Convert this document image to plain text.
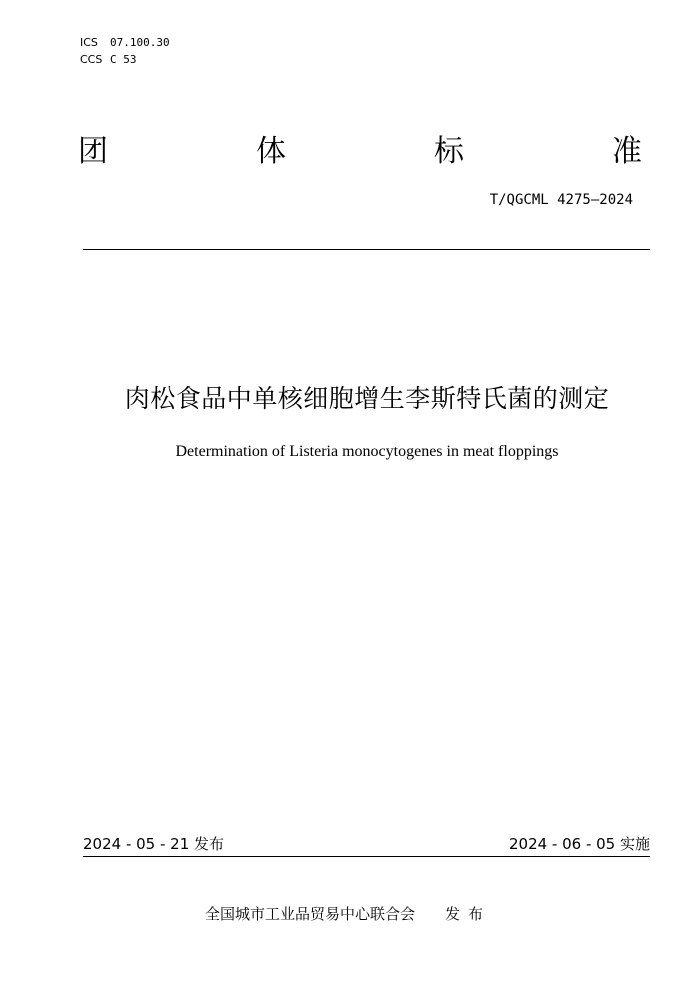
ICS 07.100.30
CCS C 53
团	体	标	准
T/QGCML 4275—2024
肉松食品中单核细胞增生李斯特氏菌的测定
Determination of Listeria monocytogenes in meat floppings
2024 - 05 - 21 发布	2024 - 06 - 05 实施
全国城市工业品贸易中心联合会 发布
